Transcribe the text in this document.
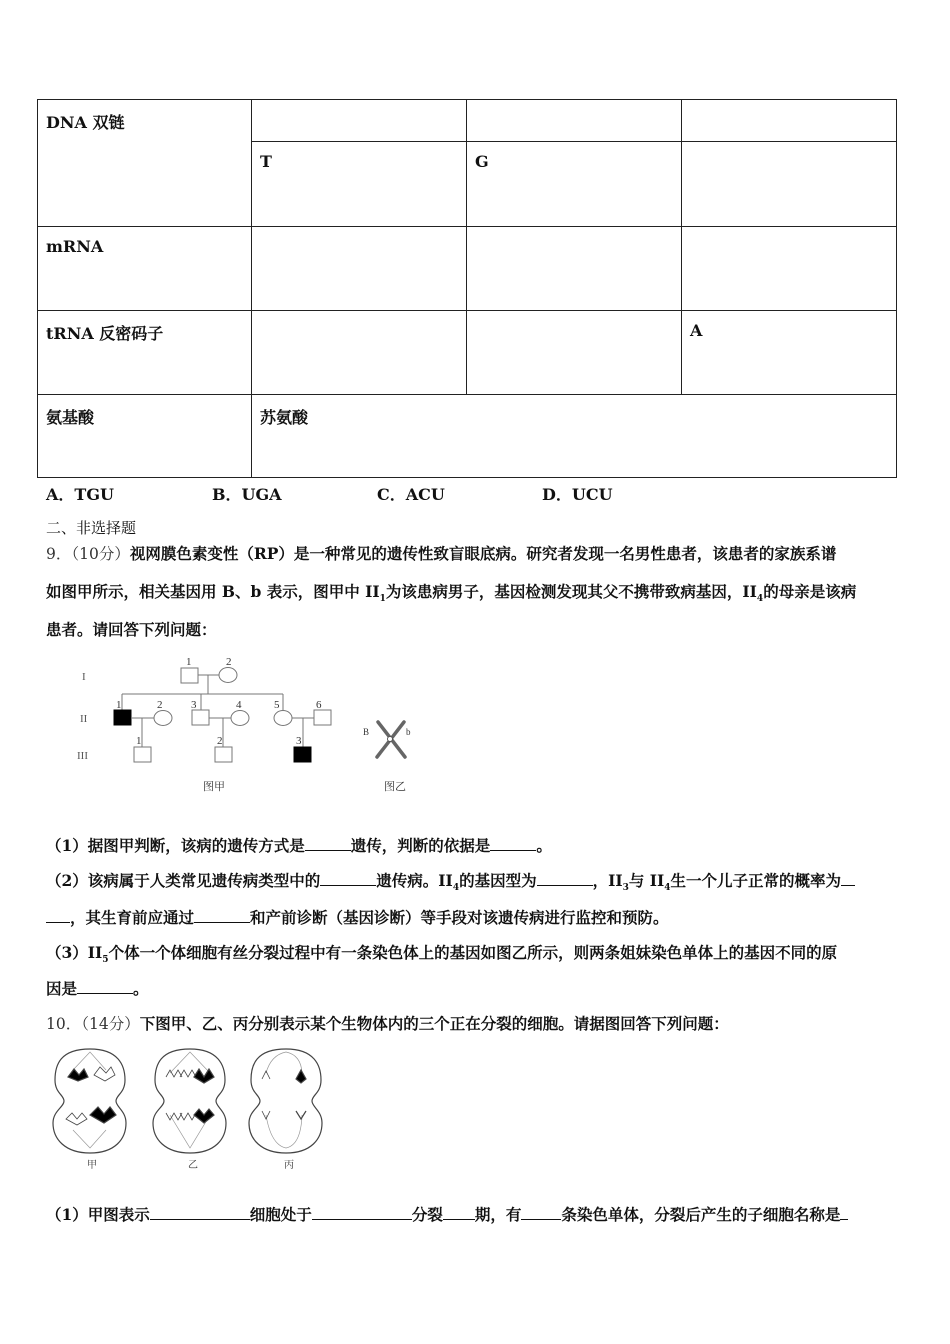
DNA 双链			
	T	G	
mRNA			
tRNA 反密码子			A
氨基酸	苏氨酸		
A．TGU	B．UGA	C．ACU	D．UCU
二、非选择题
9．（10分）视网膜色素变性（RP）是一种常见的遗传性致盲眼底病。研究者发现一名男性患者，该患者的家族系谱
如图甲所示，相关基因用 B、b 表示，图甲中 $II_1$为该患病男子，基因检测发现其父不携带致病基因，$II_4$的母亲是该病
患者。请回答下列问题：
I
II
III
1	2
1	2	3	4	5	6
1	2	3
图甲	图乙
B	b
（1）据图甲判断，该病的遗传方式是	遗传，判断的依据是	。
（2）该病属于人类常见遗传病类型中的	遗传病。$II_4$的基因型为	，$II_3$与 $II_4$生一个儿子正常的概率为
，其生育前应通过	和产前诊断（基因诊断）等手段对该遗传病进行监控和预防。
$(3)II_5$个体一个体细胞有丝分裂过程中有一条染色体上的基因如图乙所示，则两条姐妹染色单体上的基因不同的原
因是	。
10．（14分）下图甲、乙、丙分别表示某个生物体内的三个正在分裂的细胞。请据图回答下列问题：
甲	乙	丙
（1）甲图表示	细胞处于	分裂 期，有	条染色单体，分裂后产生的子细胞名称是
